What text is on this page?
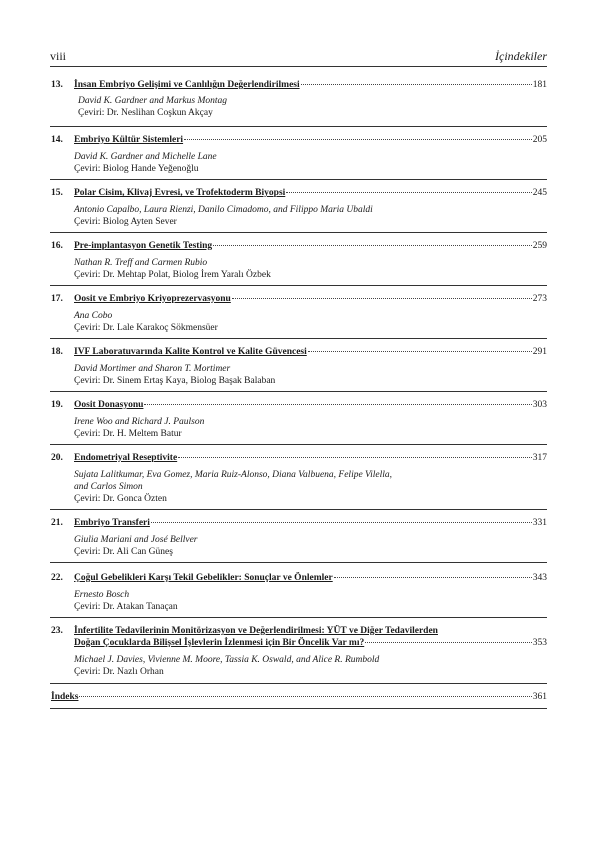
viii	İçindekiler
13. İnsan Embriyo Gelişimi ve Canlılığın Değerlendirilmesi	181
David K. Gardner and Markus Montag
Çeviri: Dr. Neslihan Coşkun Akçay
14. Embriyo Kültür Sistemleri	205
David K. Gardner and Michelle Lane
Çeviri: Biolog Hande Yeğenoğlu
15. Polar Cisim, Klivaj Evresi, ve Trofektoderm Biyopsi	245
Antonio Capalbo, Laura Rienzi, Danilo Cimadomo, and Filippo Maria Ubaldi
Çeviri: Biolog Ayten Sever
16. Pre-implantasyon Genetik Testing	259
Nathan R. Treff and Carmen Rubio
Çeviri: Dr. Mehtap Polat, Biolog İrem Yaralı Özbek
17. Oosit ve Embriyo Kriyoprezervasyonu	273
Ana Cobo
Çeviri: Dr. Lale Karakoç Sökmensüer
18. IVF Laboratuvarında Kalite Kontrol ve Kalite Güvencesi	291
David Mortimer and Sharon T. Mortimer
Çeviri: Dr. Sinem Ertaş Kaya, Biolog Başak Balaban
19. Oosit Donasyonu	303
Irene Woo and Richard J. Paulson
Çeviri: Dr. H. Meltem Batur
20. Endometriyal Reseptivite	317
Sujata Lalitkumar, Eva Gomez, Maria Ruiz-Alonso, Diana Valbuena, Felipe Vilella,
and Carlos Simon
Çeviri: Dr. Gonca Özten
21. Embriyo Transferi	331
Giulia Mariani and José Bellver
Çeviri: Dr. Ali Can Güneş
22. Çoğul Gebelikleri Karşı Tekil Gebelikler: Sonuçlar ve Önlemler	343
Ernesto Bosch
Çeviri: Dr. Atakan Tanaçan
23. İnfertilite Tedavilerinin Monitörizasyon ve Değerlendirilmesi: YÜT ve Diğer Tedavilerden
Doğan Çocuklarda Bilişsel İşlevlerin İzlenmesi için Bir Öncelik Var mı?	353
Michael J. Davies, Vivienne M. Moore, Tassia K. Oswald, and Alice R. Rumbold
Çeviri: Dr. Nazlı Orhan
İndeks	361
